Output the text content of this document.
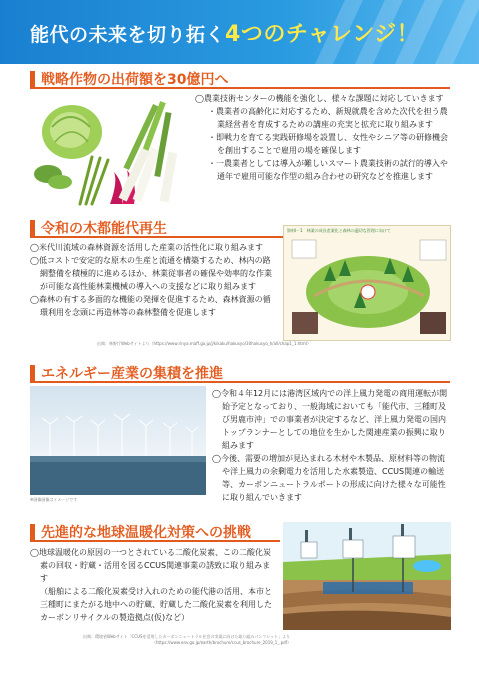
能代の未来を切り拓く4つのチャレンジ！
戦略作物の出荷額を30億円へ

◯農業技術センターの機能を強化し、様々な課題に対応していきます

・農業者の高齢化に対応するため、新規就農を含めた次代を担う農業経営者を育成するための講座の充実と拡充に取り組みます

・即戦力を育てる実践研修場を設置し、女性やシニア等の研修機会を創出することで雇用の場を確保します

・一農業者としては導入が難しいスマート農業技術の試行的導入や通年で雇用可能な作型の組み合わせの研究などを推進します

令和の木都能代再生

◯米代川流域の森林資源を活用した産業の活性化に取り組みます

◯低コストで安定的な原木の生産と流通を構築するため、林内の路網整備を積極的に進めるほか、林業従事者の確保や効率的な作業が可能な高性能林業機械の導入への支援などに取り組みます

◯森林の有する多面的な機能の発揮を促進するため、森林資源の循環利用を念頭に再造林等の森林整備を促進します

資料Ⅰ－1　林業の成長産業化と森林の適切な管理に向けて
出典：林野庁Webサイトより（https://www.rinya.maff.go.jp/j/kikaku/hakusyo/30hakusyo_h/all/chap1_1.html）
エネルギー産業の集積を推進
※画像画像はイメージです

◯令和４年12月には港湾区域内での洋上風力発電の商用運転が開始予定となっており、一般海域においても「能代市、三種町及び男鹿市沖」での事業者が決定するなど、洋上風力発電の国内トップランナーとしての地位を生かした関連産業の振興に取り組みます

◯今後、需要の増加が見込まれる木材や木製品、原材料等の物流や洋上風力の余剰電力を活用した水素製造、CCUS関連の輸送等、カーボンニュートラルポートの形成に向けた様々な可能性に取り組んでいきます

先進的な地球温暖化対策への挑戦

◯地球温暖化の原因の一つとされている二酸化炭素、この二酸化炭素の回収・貯蔵・活用を図るCCUS関連事業の誘致に取り組みます

（船舶による二酸化炭素受け入れのための能代港の活用、本市と三種町にまたがる地中への貯蔵、貯蔵した二酸化炭素を利用したカーボンリサイクルの製造拠点(仮)など）

出典：環境省Webサイト「CCUSを活用したカーボンニュートラル社会の実現に向けた取り組みパンフレット」より
（https://www.env.go.jp/earth/brochure/ccus_brochure_2019_1_.pdf）
